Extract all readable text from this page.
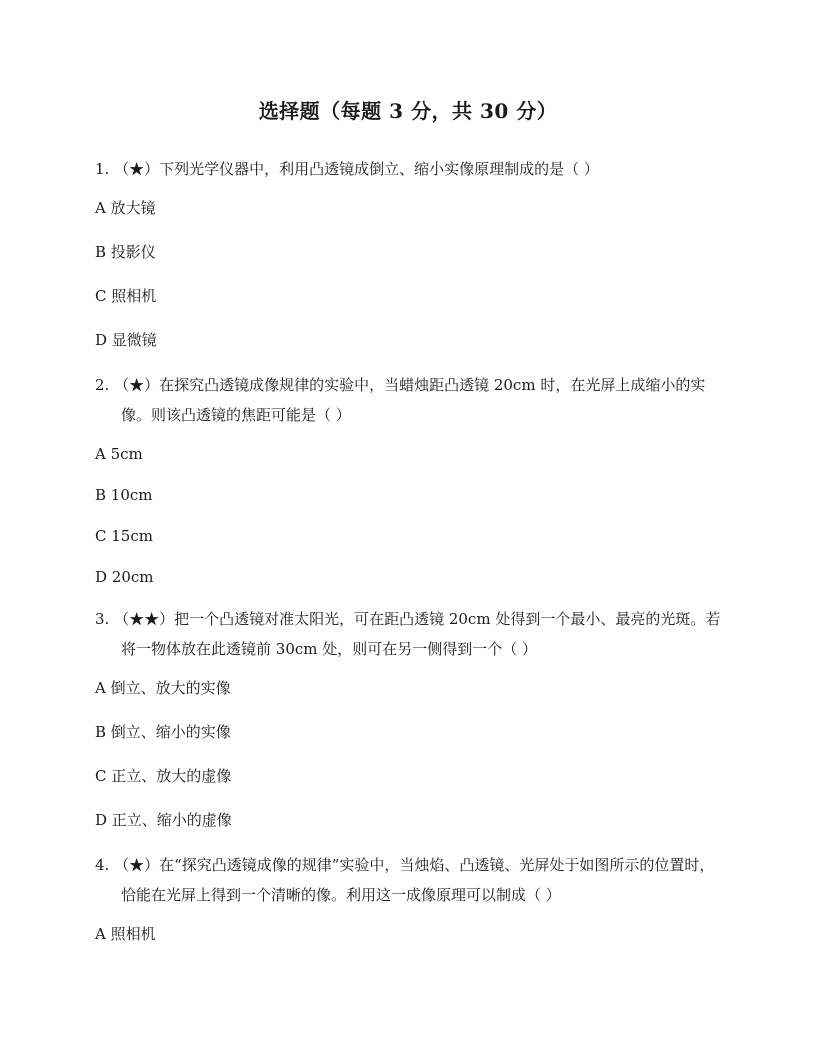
选择题（每题 3 分，共 30 分）
1. （★）下列光学仪器中，利用凸透镜成倒立、缩小实像原理制成的是（ ）
A 放大镜
B 投影仪
C 照相机
D 显微镜
2. （★）在探究凸透镜成像规律的实验中，当蜡烛距凸透镜 20cm 时，在光屏上成缩小的实像。则该凸透镜的焦距可能是（ ）
A 5cm
B 10cm
C 15cm
D 20cm
3. （★★）把一个凸透镜对准太阳光，可在距凸透镜 20cm 处得到一个最小、最亮的光斑。若将一物体放在此透镜前 30cm 处，则可在另一侧得到一个（ ）
A 倒立、放大的实像
B 倒立、缩小的实像
C 正立、放大的虚像
D 正立、缩小的虚像
4. （★）在“探究凸透镜成像的规律”实验中，当烛焰、凸透镜、光屏处于如图所示的位置时，恰能在光屏上得到一个清晰的像。利用这一成像原理可以制成（ ）
A 照相机
